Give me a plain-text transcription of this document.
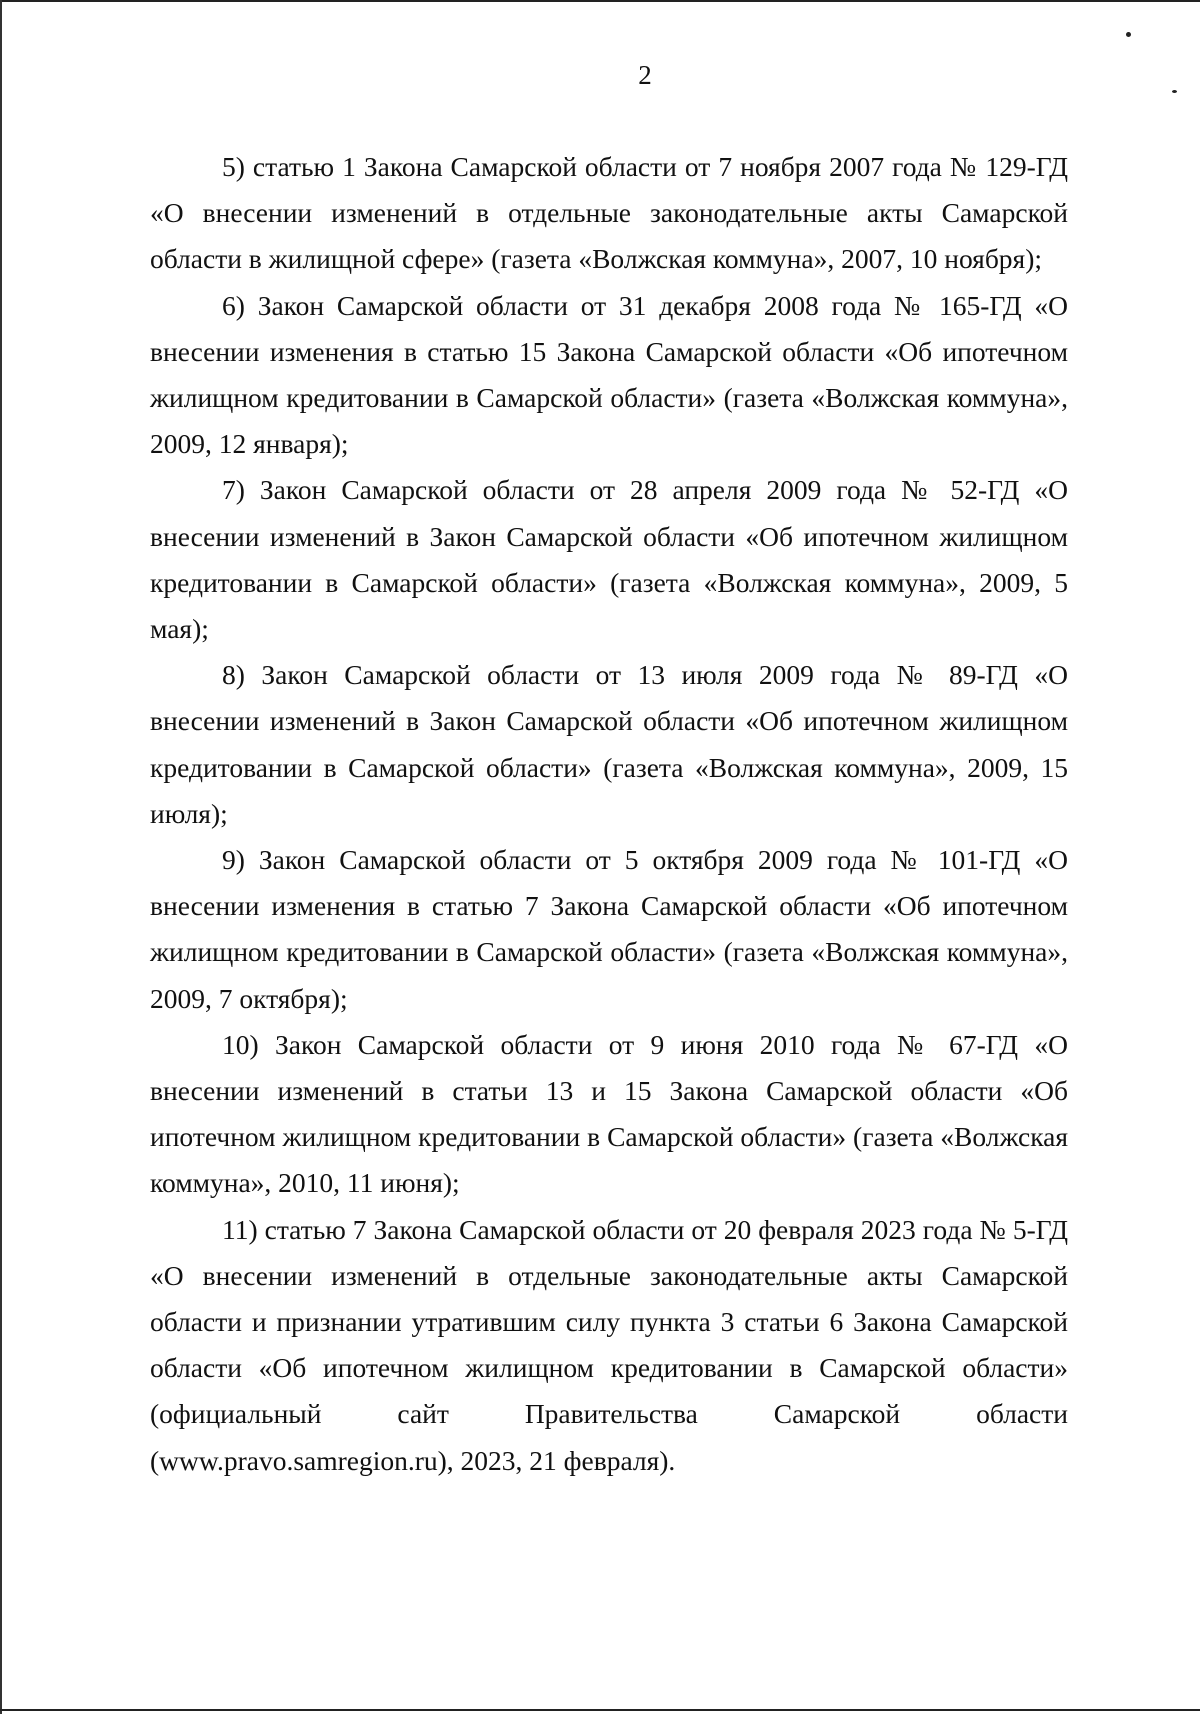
2

5) статью 1 Закона Самарской области от 7 ноября 2007 года № 129-ГД «О внесении изменений в отдельные законодательные акты Самарской области в жилищной сфере» (газета «Волжская коммуна», 2007, 10 ноября);

6) Закон Самарской области от 31 декабря 2008 года № 165-ГД «О внесении изменения в статью 15 Закона Самарской области «Об ипотечном жилищном кредитовании в Самарской области» (газета «Волжская коммуна», 2009, 12 января);

7) Закон Самарской области от 28 апреля 2009 года № 52-ГД «О внесении изменений в Закон Самарской области «Об ипотечном жилищном кредитовании в Самарской области» (газета «Волжская коммуна», 2009, 5 мая);

8) Закон Самарской области от 13 июля 2009 года № 89-ГД «О внесении изменений в Закон Самарской области «Об ипотечном жилищном кредитовании в Самарской области» (газета «Волжская коммуна», 2009, 15 июля);

9) Закон Самарской области от 5 октября 2009 года № 101-ГД «О внесении изменения в статью 7 Закона Самарской области «Об ипотечном жилищном кредитовании в Самарской области» (газета «Волжская коммуна», 2009, 7 октября);

10) Закон Самарской области от 9 июня 2010 года № 67-ГД «О внесении изменений в статьи 13 и 15 Закона Самарской области «Об ипотечном жилищном кредитовании в Самарской области» (газета «Волжская коммуна», 2010, 11 июня);

11) статью 7 Закона Самарской области от 20 февраля 2023 года № 5-ГД «О внесении изменений в отдельные законодательные акты Самарской области и признании утратившим силу пункта 3 статьи 6 Закона Самарской области «Об ипотечном жилищном кредитовании в Самарской области» (официальный сайт Правительства Самарской области (www.pravo.samregion.ru), 2023, 21 февраля).
